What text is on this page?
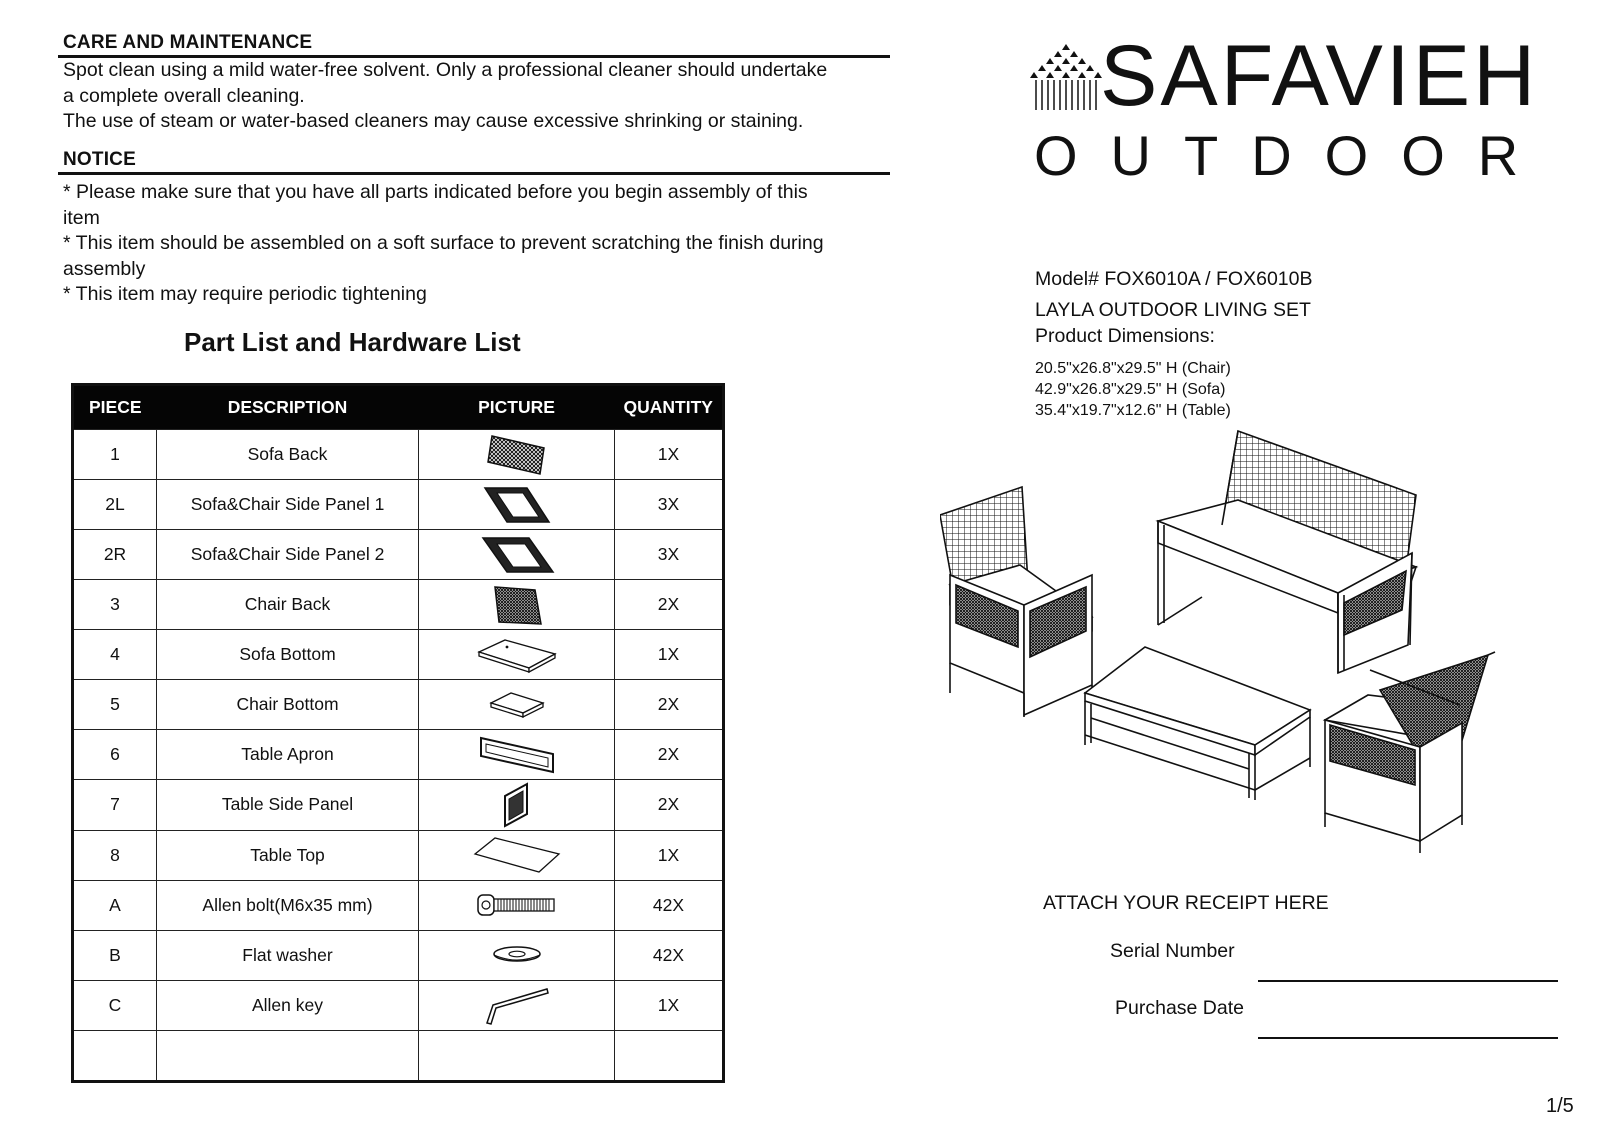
CARE AND MAINTENANCE
Spot clean using a mild water-free solvent. Only a professional cleaner should undertake
a complete overall cleaning.
The use of steam or water-based cleaners may cause excessive shrinking or staining.
NOTICE
* Please make sure that you have all parts indicated before you begin assembly of this
item
* This item should be assembled on a soft surface to prevent scratching the finish during
assembly
* This item may require periodic tightening
Part List and Hardware List
PIECE	DESCRIPTION	PICTURE	QUANTITY
1	Sofa Back		1X
2L	Sofa&Chair Side Panel 1		3X
2R	Sofa&Chair Side Panel 2		3X
3	Chair Back		2X
4	Sofa Bottom		1X
5	Chair Bottom		2X
6	Table Apron		2X
7	Table Side Panel		2X
8	Table Top		1X
A	Allen bolt(M6x35 mm)		42X
B	Flat washer		42X
C	Allen key		1X

SAFAVIEH
OUTDOOR
Model# FOX6010A / FOX6010B
LAYLA OUTDOOR LIVING SET
Product Dimensions:
20.5"x26.8"x29.5" H (Chair)
42.9"x26.8"x29.5" H (Sofa)
35.4"x19.7"x12.6" H (Table)
ATTACH YOUR RECEIPT HERE
Serial Number
Purchase Date
1/5
